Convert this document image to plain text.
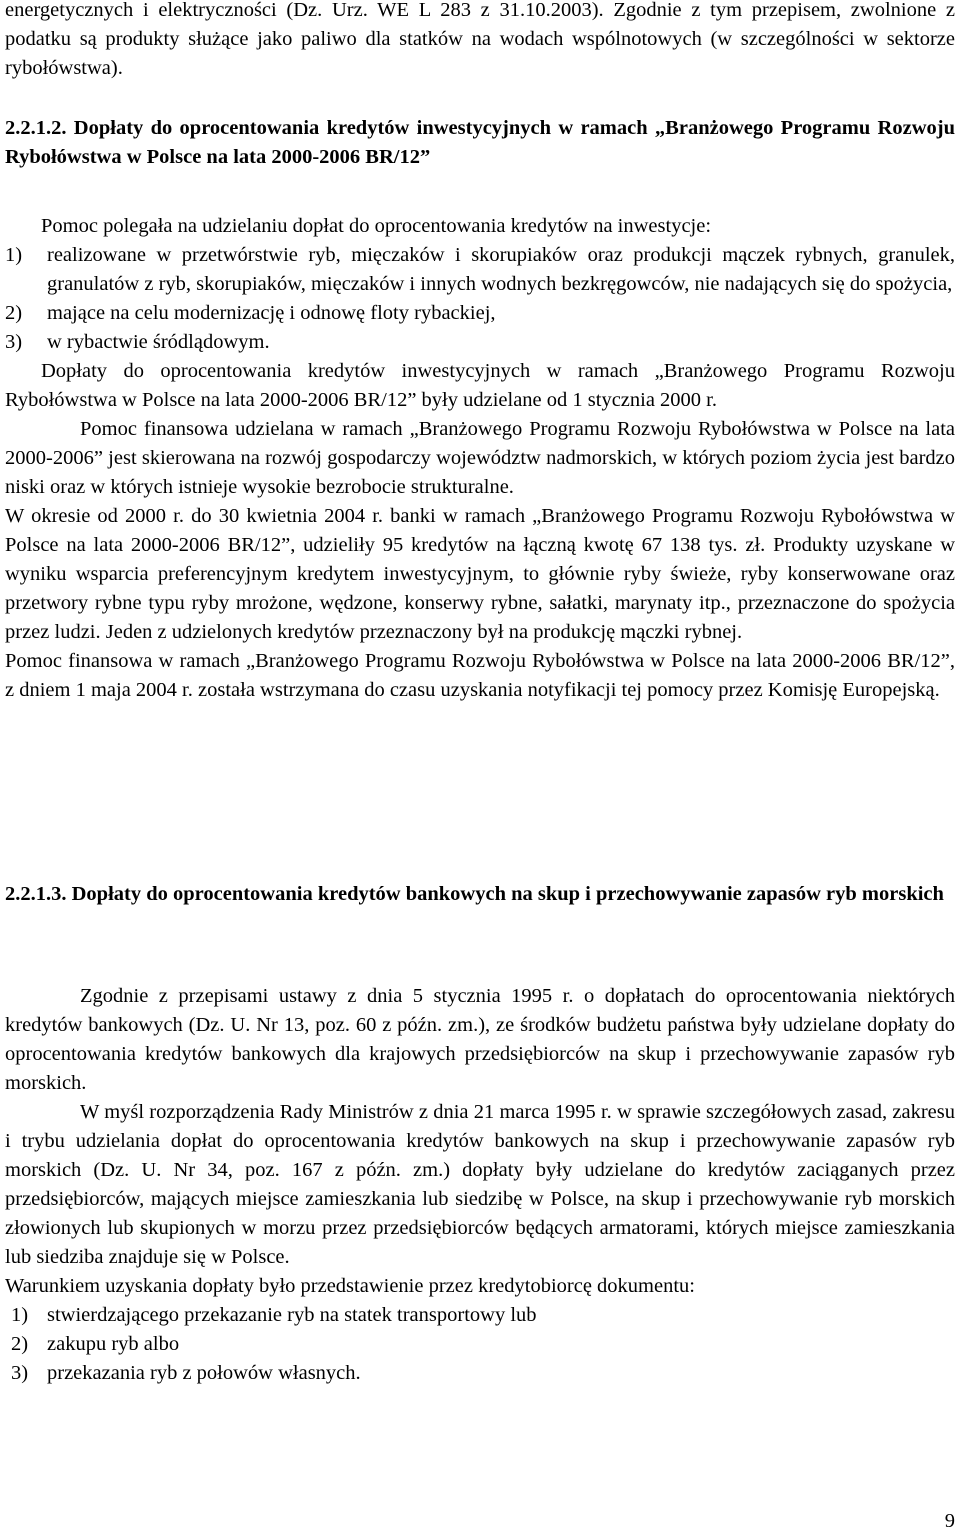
energetycznych i elektryczności (Dz. Urz. WE L 283 z 31.10.2003). Zgodnie z tym przepisem, zwolnione z podatku są produkty służące jako paliwo dla statków na wodach wspólnotowych (w szczególności w sektorze rybołówstwa).

2.2.1.2. Dopłaty do oprocentowania kredytów inwestycyjnych w ramach „Branżowego Programu Rozwoju Rybołówstwa w Polsce na lata 2000-2006 BR/12”

Pomoc polegała na udzielaniu dopłat do oprocentowania kredytów na inwestycje:

1)	realizowane w przetwórstwie ryb, mięczaków i skorupiaków oraz produkcji mączek rybnych, granulek, granulatów z ryb, skorupiaków, mięczaków i innych wodnych bezkręgowców, nie nadających się do spożycia,
2)	mające na celu modernizację i odnowę floty rybackiej,
3)	w rybactwie śródlądowym.

Dopłaty do oprocentowania kredytów inwestycyjnych w ramach „Branżowego Programu Rozwoju Rybołówstwa w Polsce na lata 2000-2006 BR/12” były udzielane od 1 stycznia 2000 r.

Pomoc finansowa udzielana w ramach „Branżowego Programu Rozwoju Rybołówstwa w Polsce na lata 2000-2006” jest skierowana na rozwój gospodarczy województw nadmorskich, w których poziom życia jest bardzo niski oraz w których istnieje wysokie bezrobocie strukturalne.

W okresie od 2000 r. do 30 kwietnia 2004 r. banki w ramach „Branżowego Programu Rozwoju Rybołówstwa w Polsce na lata 2000-2006 BR/12”, udzieliły 95 kredytów na łączną kwotę 67 138 tys. zł. Produkty uzyskane w wyniku wsparcia preferencyjnym kredytem inwestycyjnym, to głównie ryby świeże, ryby konserwowane oraz przetwory rybne typu ryby mrożone, wędzone, konserwy rybne, sałatki, marynaty itp., przeznaczone do spożycia przez ludzi. Jeden z udzielonych kredytów przeznaczony był na produkcję mączki rybnej.

Pomoc finansowa w ramach „Branżowego Programu Rozwoju Rybołówstwa w Polsce na lata 2000-2006 BR/12”, z dniem 1 maja 2004 r. została wstrzymana do czasu uzyskania notyfikacji tej pomocy przez Komisję Europejską.

2.2.1.3. Dopłaty do oprocentowania kredytów bankowych na skup i przechowywanie zapasów ryb morskich

Zgodnie z przepisami ustawy z dnia 5 stycznia 1995 r. o dopłatach do oprocentowania niektórych kredytów bankowych (Dz. U. Nr 13, poz. 60 z późn. zm.), ze środków budżetu państwa były udzielane dopłaty do oprocentowania kredytów bankowych dla krajowych przedsiębiorców na skup i przechowywanie zapasów ryb morskich.

W myśl rozporządzenia Rady Ministrów z dnia 21 marca 1995 r. w sprawie szczegółowych zasad, zakresu i trybu udzielania dopłat do oprocentowania kredytów bankowych na skup i przechowywanie zapasów ryb morskich (Dz. U. Nr 34, poz. 167 z późn. zm.) dopłaty były udzielane do kredytów zaciąganych przez przedsiębiorców, mających miejsce zamieszkania lub siedzibę w Polsce, na skup i przechowywanie ryb morskich złowionych lub skupionych w morzu przez przedsiębiorców będących armatorami, których miejsce zamieszkania lub siedziba znajduje się w Polsce.

Warunkiem uzyskania dopłaty było przedstawienie przez kredytobiorcę dokumentu:

1) stwierdzającego przekazanie ryb na statek transportowy lub
2) zakupu ryb albo
3) przekazania ryb z połowów własnych.
9
